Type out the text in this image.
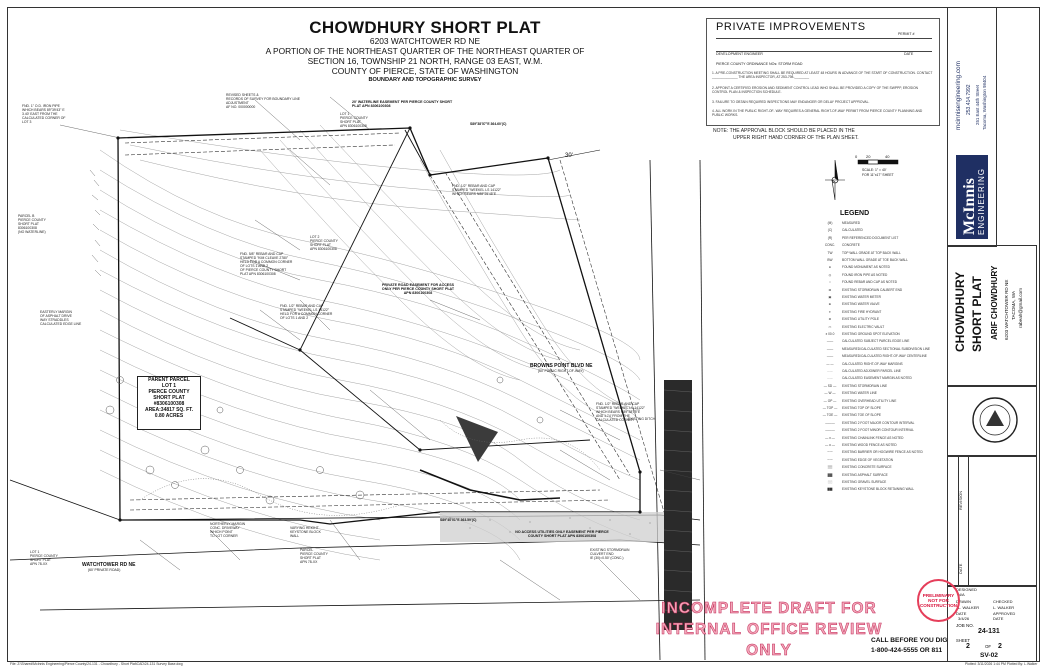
CHOWDHURY SHORT PLAT
6203 WATCHTOWER RD NE
A PORTION OF THE NORTHEAST QUARTER OF THE NORTHEAST QUARTER OF
SECTION 16, TOWNSHIP 21 NORTH, RANGE 03 EAST, W.M.
COUNTY OF PIERCE, STATE OF WASHINGTON
BOUNDARY AND TOPOGRAPHIC SURVEY
PRIVATE IMPROVEMENTS
PERMIT #
DEVELOPMENT ENGINEER	DATE
PIERCE COUNTY ORDINANCE NOs: STORM ROAD
1. A PRE-CONSTRUCTION MEETING SHALL BE REQUIRED AT LEAST 48 HOURS IN ADVANCE OF THE START OF CONSTRUCTION. CONTACT ______________ THE AREA INSPECTOR, AT 253-798-________
2. APPOINT A CERTIFIED EROSION AND SEDIMENT CONTROL LEAD WHO SHALL BE PROVIDED A COPY OF THE SWPPP, EROSION CONTROL PLAN & INSPECTION SCHEDULE.
3. FAILURE TO OBTAIN REQUIRED INSPECTIONS MAY ENDANGER OR DELAY PROJECT APPROVAL.
4. ALL WORK IN THE PUBLIC RIGHT-OF- WAY REQUIRES A GENERAL RIGHT-OF-WAY PERMIT FROM PIERCE COUNTY PLANNING AND PUBLIC WORKS.
NOTE: THE APPROVAL BLOCK SHOULD BE PLACED IN THE
UPPER RIGHT HAND CORNER OF THE PLAN SHEET.
0 20	40
SCALE: 1" = 40'
FOR 11"x17" SHEET
LEGEND
(M)	MEASURED
(C)	CALCULATED
(R)	PER REFERENCED DOCUMENT LIST
CONC.	CONCRETE
TW	TOP WALL GRADE AT TOP BACK WALL
BW	BOTTOM WALL GRADE AT TOE BACK WALL
●	FOUND MONUMENT AS NOTED
◎	FOUND IRON PIPE AS NOTED
○	FOUND REBAR AND CAP AS NOTED
⊠	EXISTING STORMDRAIN CALBERT END
▣	EXISTING WATER METER
⊕	EXISTING WATER VALVE
✦	EXISTING FIRE HYDRANT
⊗	EXISTING UTILITY POLE
▭	EXISTING ELECTRIC VAULT
x 00.0	EXISTING GROUND SPOT ELEVATION
——	CALCULATED SUBJECT PARCEL EDGE LINE
——	MEASURED/CALCULATED SECTIONAL SUBDIVISION LINE
——	MEASURED/CALCULATED RIGHT-OF-WAY CENTERLINE
— —	CALCULATED RIGHT-OF-WAY MARGINS
- - -	CALCULATED ADJOINER PARCEL LINE
- - -	CALCULATED EASEMENT MARGIN AS NOTED
— SD —	EXISTING STORMDRAIN LINE
— W —	EXISTING WATER LINE
— OP —	EXISTING OVERHEAD UTILITY LINE
— TOP — EXISTING TOP OF SLOPE
— TOE — EXISTING TOE OF SLOPE
———	EXISTING 2 FOOT MAJOR CONTOUR INTERVAL
———	EXISTING 2 FOOT MINOR CONTOUR INTERVAL
— x —	EXISTING CHAINLINK FENCE AS NOTED
— o —	EXISTING WOOD FENCE AS NOTED
~~~	EXISTING BARRIER OR HOGWIRE FENCE AS NOTED
~~~	EXISTING EDGE OF VEGETATION
▒▒	EXISTING CONCRETE SURFACE
▓▓	EXISTING ASPHALT SURFACE
░░	EXISTING GRAVEL SURFACE
▇▇	EXISTING KEYSTONE BLOCK RETAINING WALL
McInnis ENGINEERING
mcinnisengineering.com 253.414.7992 251 East 44th Street Tacoma, Washington 98404
CHOWDHURY SHORT PLAT ARIF CHOWDHURY 6203 WATCHTOWER RD NE TACOMA, WA rabeah@gmail.com
REVISION
DATE
DESIGNED
N/A
DRAWN
L. WALKER
CHECKED
L. WALKER
DATE
3/4/26
APPROVED
DATE
JOB NO.
24-131
SHEET
2	OF 2
SV-02
PRELIMINARY NOT FOR CONSTRUCTION
INCOMPLETE DRAFT FOR
INTERNAL OFFICE REVIEW
ONLY
CALL BEFORE YOU DIG
1-800-424-5555 OR 811
PARENT PARCEL
LOT 1
PIERCE COUNTY
SHORT PLAT
#8306100308
AREA:34817 SQ. FT.
0.80 ACRES
WATCHTOWER RD NE
(60' PRIVATE ROAD)
BROWNS POINT BLVD NE
(60' PUBLIC RIGHT-OF-WAY)
20' WATERLINE EASEMENT PER PIERCE COUNTY SHORT PLAT APN 8306100308
PRIVATE ROAD EASEMENT FOR ACCESS ONLY PER PIERCE COUNTY SHORT PLAT APN 8306100308
NO ACCESS UTILITIES ONLY EASEMENT PER PIERCE COUNTY SHORT PLAT APN 8306100308
30'
S89°38'57"E 364.60'(C)
S89°40'01"E 363.59'(C)
REVISED SHEETS &
RECORDS OF SURVEY FOR BOUNDARY LINE
ADJUSTMENT
AF NO. 000000000
FND. 1" O.D. IRON PIPE
WHICH BEARS 89°39'43" E
3.40' EAST FROM THE
CALCULATED CORNER OF
LOT 3
PARCEL B
PIERCE COUNTY
SHORT PLAT
8306100308
(NO WATERLINE)
FND. 5/8" REBAR AND CAP
STAMPED "KIM CLEAVE 2780"
HELD FOR A COMMON CORNER
OF LOTS 1 AND 2
OF PIERCE COUNTY SHORT
PLAT APN 8306100308
FND. 1/2" REBAR AND CAP
STAMPED "WEEKEL LS 14122"
WHICH BEARS N88°25'45"E
FND. 1/2" REBAR AND CAP
STAMPED "WEEKEL LS 14122"
HELD FOR A COMMON CORNER
OF LOTS 1 AND 2
LOT 2
PIERCE COUNTY
SHORT PLAT
APN 8306100308
LOT 1
PIERCE COUNTY
SHORT PLAT
APN 8306100308
EASTERLY MARGIN
OF ASPHALT DRIVE
WAY STRADDLES
CALCULATED EDGE LINE
EXISTING DITCH
EXISTING STORMDRAIN
CULVERT END
IE (30)=0.50' (CONC.)
NORTHERLY MARGIN
CONC. DRIVEWAY
WHICH POINT
TO LOT CORNER
VARYING HEIGHT
KEYSTONE BLOCK
WALL
FND. 1/2" REBAR AND CAP
STAMPED "WEEKEL LS 14122"
WHICH BEARS N89°38'55"E
AND 1.74' FROM THE
CALCULATED CORNER
LOT 1
PIERCE COUNTY
SHORT PLAT
APN 78-XX
PARCEL
PIERCE COUNTY
SHORT PLAT
APN 78-XX
File: Z:\Shared\McInnis Engineering\Pierce County\24-131 - Chowdhury - Short Plat\CAD\24-131 Survey Base.dwg	Plotted: 3/11/2026 1:44 PM Plotted By: L.Walker
